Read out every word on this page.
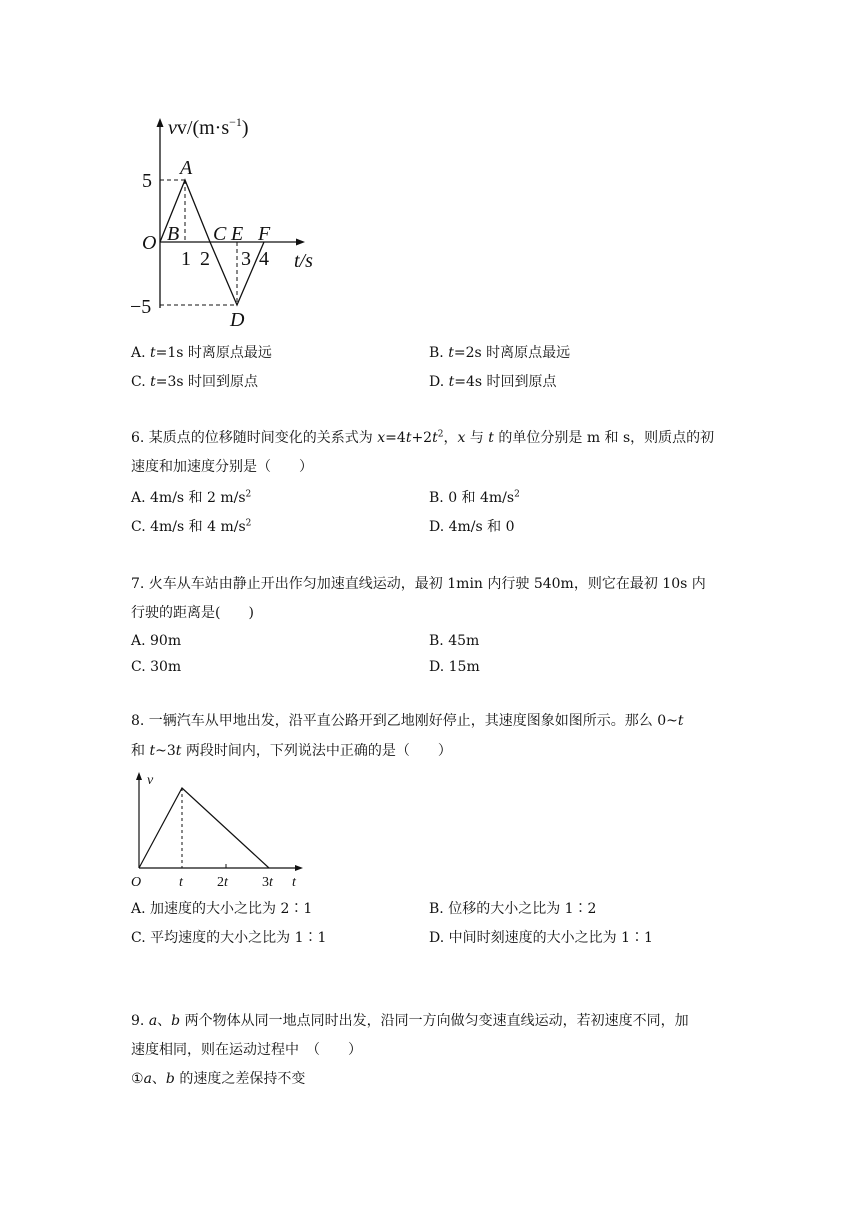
$vv/(m\cdot s^{-1})$
5
−5
O
A
B C E F
D
1 2 3 4 t/s
A. t=1s 时离原点最远	B. t=2s 时离原点最远
C. t=3s 时回到原点	D. t=4s 时回到原点
6. 某质点的位移随时间变化的关系式为 $x=4t+2t^2$，x 与 t 的单位分别是 m 和 s，则质点的初
速度和加速度分别是（　　）
A. 4m/s 和 2 $m/s^2$	B. 0 和 $4m/s^2$
C. 4m/s 和 4 $m/s^2$	D. 4m/s 和 0
7. 火车从车站由静止开出作匀加速直线运动，最初 1min 内行驶 540m，则它在最初 10s 内
行驶的距离是(　　)
A. 90m	B. 45m
C. 30m	D. 15m
8. 一辆汽车从甲地出发，沿平直公路开到乙地刚好停止，其速度图象如图所示。那么 0~t
和 t~3t 两段时间内，下列说法中正确的是（　　）
v
O	t 2t 3t t
A. 加速度的大小之比为 2∶1	B. 位移的大小之比为 1∶2
C. 平均速度的大小之比为 1∶1	D. 中间时刻速度的大小之比为 1∶1
9. a、b 两个物体从同一地点同时出发，沿同一方向做匀变速直线运动，若初速度不同，加
速度相同，则在运动过程中　（　　）
①a、b 的速度之差保持不变
